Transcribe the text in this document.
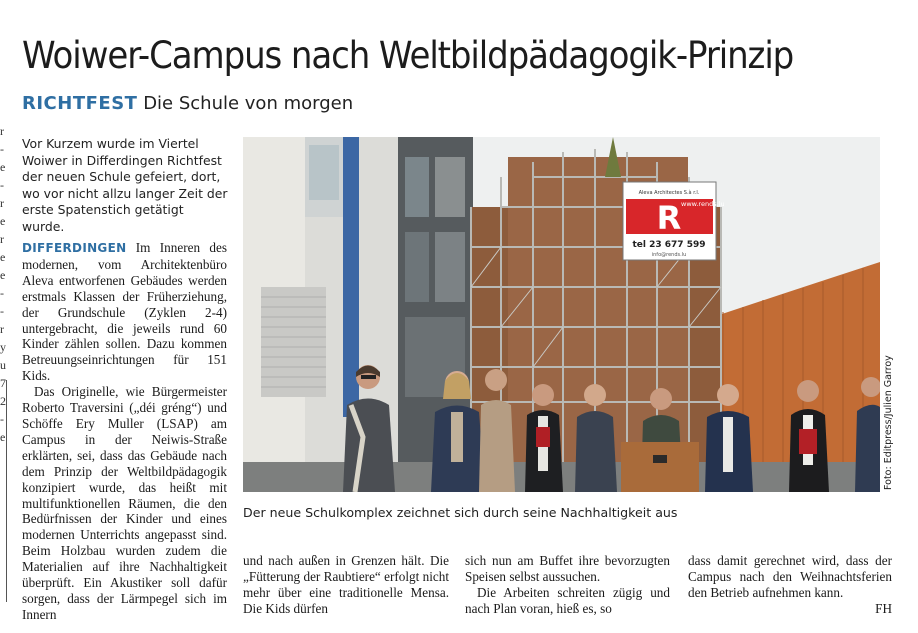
r
-
e
-
r
e
r
e
e
-
-
r
y
u
7
2
-
e
Woiwer-Campus nach Weltbildpädagogik-Prinzip
RICHTFEST Die Schule von morgen
Vor Kurzem wurde im Viertel Woiwer in Differdingen Richtfest der neuen Schule gefeiert, dort, wo vor nicht allzu langer Zeit der erste Spatenstich getätigt wurde.

DIFFERDINGEN Im Inneren des modernen, vom Architektenbüro Aleva entworfenen Gebäudes werden erstmals Klassen der Früherziehung, der Grundschule (Zyklen 2-4) untergebracht, die jeweils rund 60 Kinder zählen sollen. Dazu kommen Betreuungseinrichtungen für 151 Kids.

Das Originelle, wie Bürgermeister Roberto Traversini („déi gréng“) und Schöffe Ery Muller (LSAP) am Campus in der Neiwis-Straße erklärten, sei, dass das Gebäude nach dem Prinzip der Weltbildpädagogik konzipiert wurde, das heißt mit multifunktionellen Räumen, die den Bedürfnissen der Kinder und eines modernen Unterrichts angepasst sind. Beim Holzbau wurden zudem die Materialien auf ihre Nachhaltigkeit überprüft. Ein Akustiker soll dafür sorgen, dass der Lärmpegel sich im Innern

Aleva Architectes S.à r.l.
R www.rends.lu
tel 23 677 599
info@rends.lu
Foto: Editpress/Julien Garroy
Der neue Schulkomplex zeichnet sich durch seine Nachhaltigkeit aus

und nach außen in Grenzen hält. Die „Fütterung der Raubtiere“ erfolgt nicht mehr über eine traditionelle Mensa. Die Kids dürfen

sich nun am Buffet ihre bevorzugten Speisen selbst aussuchen.

Die Arbeiten schreiten zügig und nach Plan voran, hieß es, so

dass damit gerechnet wird, dass der Campus nach den Weihnachtsferien den Betrieb aufnehmen kann.

FH
